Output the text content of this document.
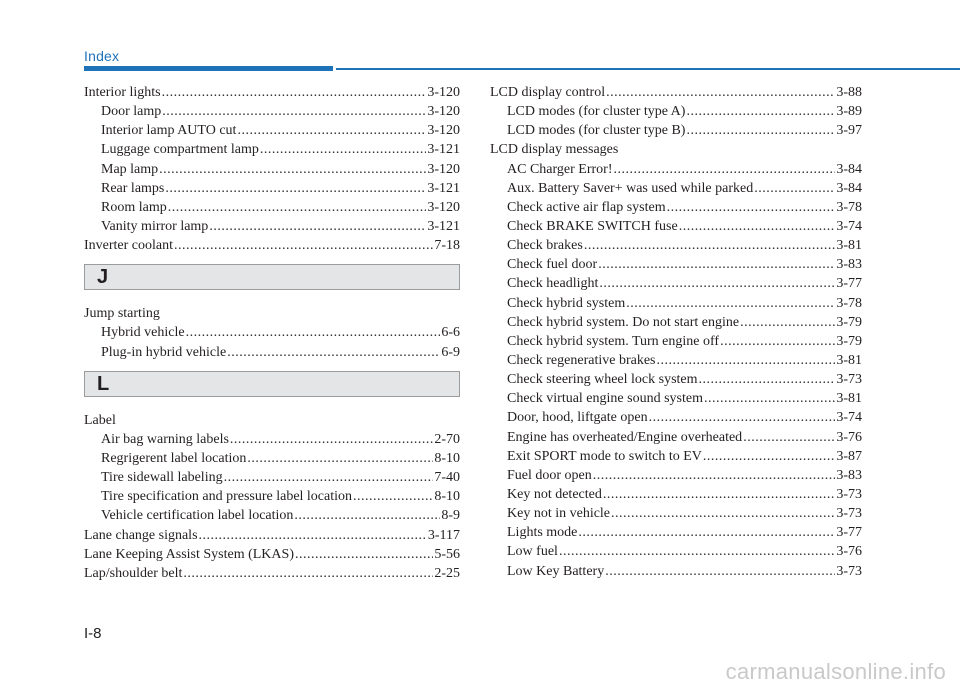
Index
Interior lights .....	3-120
Door lamp .....	3-120
Interior lamp AUTO cut .....	3-120
Luggage compartment lamp .....	3-121
Map lamp .....	3-120
Rear lamps .....	3-121
Room lamp .....	3-120
Vanity mirror lamp .....	3-121
Inverter coolant .....	7-18
J
Jump starting
Hybrid vehicle .....	6-6
Plug-in hybrid vehicle .....	6-9
L
Label
Air bag warning labels .....	2-70
Regrigerent label location .....	8-10
Tire sidewall labeling .....	7-40
Tire specification and pressure label location .....	8-10
Vehicle certification label location .....	8-9
Lane change signals .....	3-117
Lane Keeping Assist System (LKAS) .....	5-56
Lap/shoulder belt .....	2-25
LCD display control .....	3-88
LCD modes (for cluster type A) .....	3-89
LCD modes (for cluster type B) .....	3-97
LCD display messages
AC Charger Error! .....	3-84
Aux. Battery Saver+ was used while parked .....	3-84
Check active air flap system .....	3-78
Check BRAKE SWITCH fuse .....	3-74
Check brakes .....	3-81
Check fuel door .....	3-83
Check headlight .....	3-77
Check hybrid system .....	3-78
Check hybrid system. Do not start engine .....	3-79
Check hybrid system. Turn engine off .....	3-79
Check regenerative brakes .....	3-81
Check steering wheel lock system .....	3-73
Check virtual engine sound system .....	3-81
Door, hood, liftgate open .....	3-74
Engine has overheated/Engine overheated .....	3-76
Exit SPORT mode to switch to EV .....	3-87
Fuel door open .....	3-83
Key not detected .....	3-73
Key not in vehicle .....	3-73
Lights mode .....	3-77
Low fuel .....	3-76
Low Key Battery .....	3-73
I-8
carmanualsonline.info
